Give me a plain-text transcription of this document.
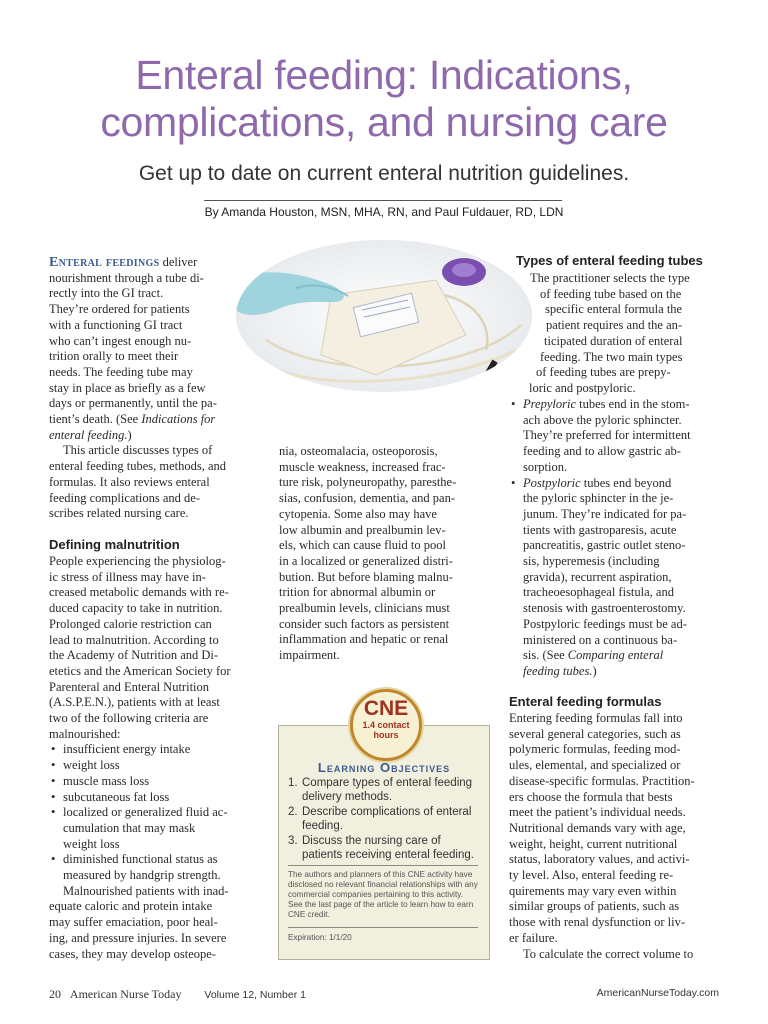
Enteral feeding: Indications,
complications, and nursing care

Get up to date on current enteral nutrition guidelines.

By Amanda Houston, MSN, MHA, RN, and Paul Fuldauer, RD, LDN
Enteral feedings deliver
nourishment through a tube di-
rectly into the GI tract.
They’re ordered for patients
with a functioning GI tract
who can’t ingest enough nu-
trition orally to meet their
needs. The feeding tube may
stay in place as briefly as a few
days or permanently, until the pa-
tient’s death. (See Indications for
enteral feeding.)
This article discusses types of
enteral feeding tubes, methods, and
formulas. It also reviews enteral
feeding complications and de-
scribes related nursing care.
Defining malnutrition
People experiencing the physiolog-
ic stress of illness may have in-
creased metabolic demands with re-
duced capacity to take in nutrition.
Prolonged calorie restriction can
lead to malnutrition. According to
the Academy of Nutrition and Di-
etetics and the American Society for
Parenteral and Enteral Nutrition
(A.S.P.E.N.), patients with at least
two of the following criteria are
malnourished:
• insufficient energy intake
• weight loss
• muscle mass loss
• subcutaneous fat loss
• localized or generalized fluid ac-
cumulation that may mask
weight loss
• diminished functional status as
measured by handgrip strength.
Malnourished patients with inad-
equate caloric and protein intake
may suffer emaciation, poor heal-
ing, and pressure injuries. In severe
cases, they may develop osteope-
nia, osteomalacia, osteoporosis,
muscle weakness, increased frac-
ture risk, polyneuropathy, paresthe-
sias, confusion, dementia, and pan-
cytopenia. Some also may have
low albumin and prealbumin lev-
els, which can cause fluid to pool
in a localized or generalized distri-
bution. But before blaming malnu-
trition for abnormal albumin or
prealbumin levels, clinicians must
consider such factors as persistent
inflammation and hepatic or renal
impairment.
CNE
1.4 contact
hours
Learning Objectives
1. Compare types of enteral feeding delivery methods.
2. Describe complications of enteral feeding.
3. Discuss the nursing care of patients receiving enteral feeding.
The authors and planners of this CNE activity have disclosed no relevant financial relationships with any commercial companies pertaining to this activity. See the last page of the article to learn how to earn CNE credit.
Expiration: 1/1/20
Types of enteral feeding tubes
The practitioner selects the type
of feeding tube based on the
specific enteral formula the
patient requires and the an-
ticipated duration of enteral
feeding. The two main types
of feeding tubes are prepy-
loric and postpyloric.
• Prepyloric tubes end in the stom-
ach above the pyloric sphincter.
They’re preferred for intermittent
feeding and to allow gastric ab-
sorption.
• Postpyloric tubes end beyond
the pyloric sphincter in the je-
junum. They’re indicated for pa-
tients with gastroparesis, acute
pancreatitis, gastric outlet steno-
sis, hyperemesis (including
gravida), recurrent aspiration,
tracheoesophageal fistula, and
stenosis with gastroenterostomy.
Postpyloric feedings must be ad-
ministered on a continuous ba-
sis. (See Comparing enteral
feeding tubes.)
Enteral feeding formulas
Entering feeding formulas fall into
several general categories, such as
polymeric formulas, feeding mod-
ules, elemental, and specialized or
disease-specific formulas. Practition-
ers choose the formula that bests
meet the patient’s individual needs.
Nutritional demands vary with age,
weight, height, current nutritional
status, laboratory values, and activi-
ty level. Also, enteral feeding re-
quirements may vary even within
similar groups of patients, such as
those with renal dysfunction or liv-
er failure.
To calculate the correct volume to
20 American Nurse Today Volume 12, Number 1	AmericanNurseToday.com
